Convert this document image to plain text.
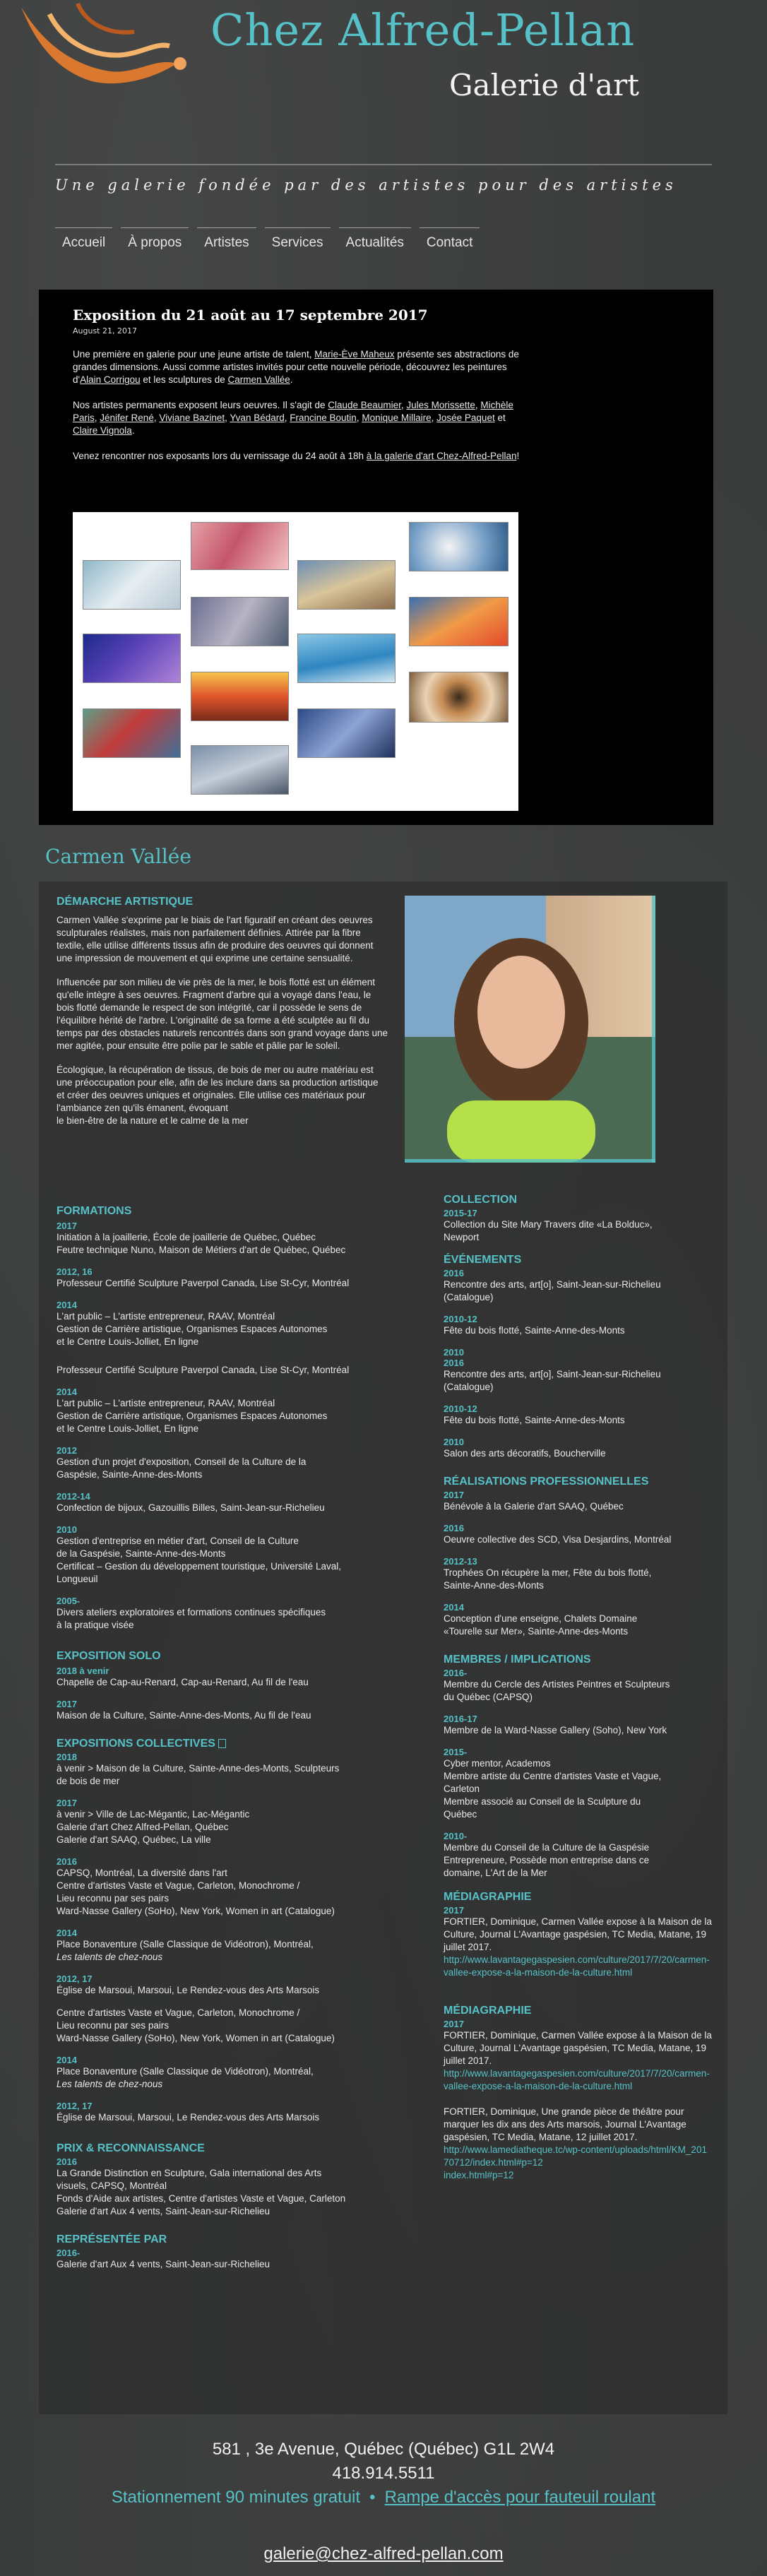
Chez Alfred-Pellan
Galerie d'art
Une galerie fondée par des artistes pour des artistes
Accueil	À propos	Artistes	Services	Actualités	Contact
Exposition du 21 août au 17 septembre 2017
August 21, 2017

Une première en galerie pour une jeune artiste de talent, Marie-Ève Maheux présente ses abstractions de grandes dimensions. Aussi comme artistes invités pour cette nouvelle période, découvrez les peintures d'Alain Corrigou et les sculptures de Carmen Vallée.

Nos artistes permanents exposent leurs oeuvres. Il s'agit de Claude Beaumier, Jules Morissette, Michèle Paris, Jénifer René, Viviane Bazinet, Yvan Bédard, Francine Boutin, Monique Millaire, Josée Paquet et Claire Vignola.

Venez rencontrer nos exposants lors du vernissage du 24 août à 18h à la galerie d'art Chez-Alfred-Pellan!

Carmen Vallée
DÉMARCHE ARTISTIQUE

Carmen Vallée s'exprime par le biais de l'art figuratif en créant des oeuvres sculpturales réalistes, mais non parfaitement définies. Attirée par la fibre textile, elle utilise différents tissus afin de produire des oeuvres qui donnent une impression de mouvement et qui exprime une certaine sensualité.

Influencée par son milieu de vie près de la mer, le bois flotté est un élément qu'elle intègre à ses oeuvres. Fragment d'arbre qui a voyagé dans l'eau, le bois flotté demande le respect de son intégrité, car il possède le sens de l'équilibre hérité de l'arbre. L'originalité de sa forme a été sculptée au fil du temps par des obstacles naturels rencontrés dans son grand voyage dans une mer agitée, pour ensuite être polie par le sable et pâlie par le soleil.

Écologique, la récupération de tissus, de bois de mer ou autre matériau est une préoccupation pour elle, afin de les inclure dans sa production artistique et créer des oeuvres uniques et originales. Elle utilise ces matériaux pour l'ambiance zen qu'ils émanent, évoquant

le bien-être de la nature et le calme de la mer

FORMATIONS
2017
Initiation à la joaillerie, École de joaillerie de Québec, Québec
Feutre technique Nuno, Maison de Métiers d'art de Québec, Québec
2012, 16
Professeur Certifié Sculpture Paverpol Canada, Lise St-Cyr, Montréal
2014
L'art public – L'artiste entrepreneur, RAAV, Montréal
Gestion de Carrière artistique, Organismes Espaces Autonomes
et le Centre Louis-Jolliet, En ligne
Professeur Certifié Sculpture Paverpol Canada, Lise St-Cyr, Montréal
2014
L'art public – L'artiste entrepreneur, RAAV, Montréal
Gestion de Carrière artistique, Organismes Espaces Autonomes
et le Centre Louis-Jolliet, En ligne
2012
Gestion d'un projet d'exposition, Conseil de la Culture de la
Gaspésie, Sainte-Anne-des-Monts
2012-14
Confection de bijoux, Gazouillis Billes, Saint-Jean-sur-Richelieu
2010
Gestion d'entreprise en métier d'art, Conseil de la Culture
de la Gaspésie, Sainte-Anne-des-Monts
Certificat – Gestion du développement touristique, Université Laval,
Longueuil
2005-
Divers ateliers exploratoires et formations continues spécifiques
à la pratique visée
EXPOSITION SOLO
2018 à venir
Chapelle de Cap-au-Renard, Cap-au-Renard, Au fil de l'eau
2017
Maison de la Culture, Sainte-Anne-des-Monts, Au fil de l'eau
EXPOSITIONS COLLECTIVES
2018
à venir > Maison de la Culture, Sainte-Anne-des-Monts, Sculpteurs
de bois de mer
2017
à venir > Ville de Lac-Mégantic, Lac-Mégantic
Galerie d'art Chez Alfred-Pellan, Québec
Galerie d'art SAAQ, Québec, La ville
2016
CAPSQ, Montréal, La diversité dans l'art
Centre d'artistes Vaste et Vague, Carleton, Monochrome /
Lieu reconnu par ses pairs
Ward-Nasse Gallery (SoHo), New York, Women in art (Catalogue)
2014
Place Bonaventure (Salle Classique de Vidéotron), Montréal,
Les talents de chez-nous
2012, 17
Église de Marsoui, Marsoui, Le Rendez-vous des Arts Marsois
Centre d'artistes Vaste et Vague, Carleton, Monochrome /
Lieu reconnu par ses pairs
Ward-Nasse Gallery (SoHo), New York, Women in art (Catalogue)
2014
Place Bonaventure (Salle Classique de Vidéotron), Montréal,
Les talents de chez-nous
2012, 17
Église de Marsoui, Marsoui, Le Rendez-vous des Arts Marsois
PRIX & RECONNAISSANCE
2016
La Grande Distinction en Sculpture, Gala international des Arts
visuels, CAPSQ, Montréal
Fonds d'Aide aux artistes, Centre d'artistes Vaste et Vague, Carleton
Galerie d'art Aux 4 vents, Saint-Jean-sur-Richelieu
REPRÉSENTÉE PAR
2016-
Galerie d'art Aux 4 vents, Saint-Jean-sur-Richelieu
COLLECTION
2015-17
Collection du Site Mary Travers dite «La Bolduc»,
Newport
ÉVÉNEMENTS
2016
Rencontre des arts, art[o], Saint-Jean-sur-Richelieu
(Catalogue)
2010-12
Fête du bois flotté, Sainte-Anne-des-Monts
2010
2016
Rencontre des arts, art[o], Saint-Jean-sur-Richelieu
(Catalogue)
2010-12
Fête du bois flotté, Sainte-Anne-des-Monts
2010
Salon des arts décoratifs, Boucherville
RÉALISATIONS PROFESSIONNELLES
2017
Bénévole à la Galerie d'art SAAQ, Québec
2016
Oeuvre collective des SCD, Visa Desjardins, Montréal
2012-13
Trophées On récupère la mer, Fête du bois flotté,
Sainte-Anne-des-Monts
2014
Conception d'une enseigne, Chalets Domaine
«Tourelle sur Mer», Sainte-Anne-des-Monts
MEMBRES / IMPLICATIONS
2016-
Membre du Cercle des Artistes Peintres et Sculpteurs
du Québec (CAPSQ)
2016-17
Membre de la Ward-Nasse Gallery (Soho), New York
2015-
Cyber mentor, Academos
Membre artiste du Centre d'artistes Vaste et Vague,
Carleton
Membre associé au Conseil de la Sculpture du
Québec
2010-
Membre du Conseil de la Culture de la Gaspésie
Entrepreneure, Possède mon entreprise dans ce
domaine, L'Art de la Mer
MÉDIAGRAPHIE
2017
FORTIER, Dominique, Carmen Vallée expose à la Maison de la Culture, Journal L'Avantage gaspésien, TC Media, Matane, 19 juillet 2017.
http://www.lavantagegaspesien.com/culture/2017/7/20/carmen-vallee-expose-a-la-maison-de-la-culture.html
MÉDIAGRAPHIE
2017
FORTIER, Dominique, Carmen Vallée expose à la Maison de la Culture, Journal L'Avantage gaspésien, TC Media, Matane, 19 juillet 2017.
http://www.lavantagegaspesien.com/culture/2017/7/20/carmen-vallee-expose-a-la-maison-de-la-culture.html
FORTIER, Dominique, Une grande pièce de théâtre pour marquer les dix ans des Arts marsois, Journal L'Avantage gaspésien, TC Media, Matane, 12 juillet 2017.
http://www.lamediatheque.tc/wp-content/uploads/html/KM_20170712/index.html#p=12
index.html#p=12
581 , 3e Avenue, Québec (Québec) G1L 2W4
418.914.5511
Stationnement 90 minutes gratuit • Rampe d'accès pour fauteuil roulant
galerie@chez-alfred-pellan.com
